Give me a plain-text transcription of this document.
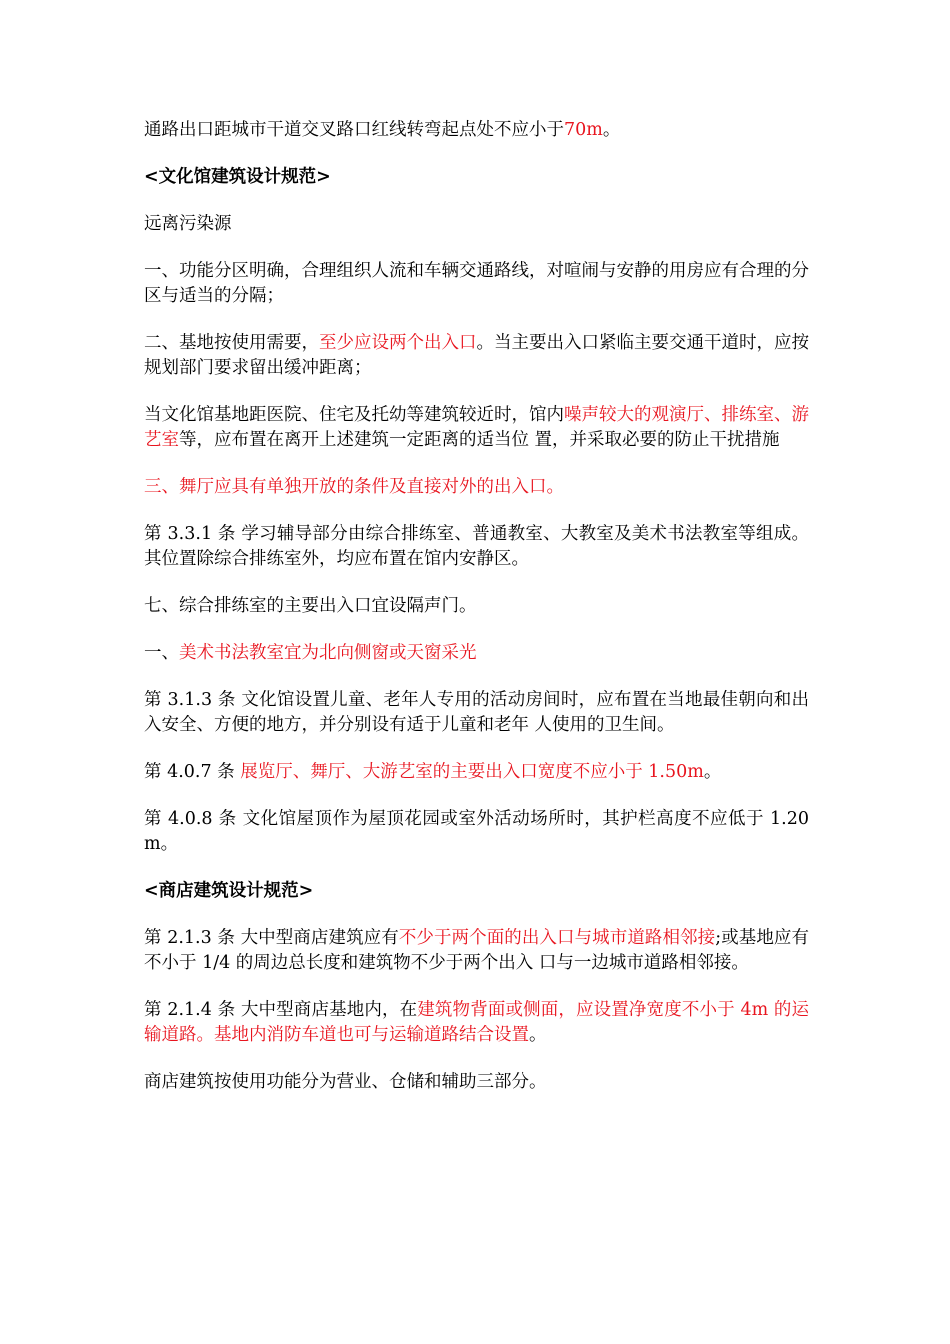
通路出口距城市干道交叉路口红线转弯起点处不应小于70m。

<文化馆建筑设计规范>

远离污染源

一、功能分区明确，合理组织人流和车辆交通路线，对喧闹与安静的用房应有合理的分区与适当的分隔；

二、基地按使用需要，至少应设两个出入口。当主要出入口紧临主要交通干道时，应按规划部门要求留出缓冲距离；

当文化馆基地距医院、住宅及托幼等建筑较近时，馆内噪声较大的观演厅、排练室、游艺室等，应布置在离开上述建筑一定距离的适当位 置，并采取必要的防止干扰措施

三、舞厅应具有单独开放的条件及直接对外的出入口。

第 3.3.1 条 学习辅导部分由综合排练室、普通教室、大教室及美术书法教室等组成。其位置除综合排练室外，均应布置在馆内安静区。

七、综合排练室的主要出入口宜设隔声门。

一、美术书法教室宜为北向侧窗或天窗采光

第 3.1.3 条 文化馆设置儿童、老年人专用的活动房间时，应布置在当地最佳朝向和出入安全、方便的地方，并分别设有适于儿童和老年 人使用的卫生间。

第 4.0.7 条 展览厅、舞厅、大游艺室的主要出入口宽度不应小于 1.50m。

第 4.0.8 条 文化馆屋顶作为屋顶花园或室外活动场所时，其护栏高度不应低于 1.20m。

<商店建筑设计规范>

第 2.1.3 条 大中型商店建筑应有不少于两个面的出入口与城市道路相邻接;或基地应有不小于 1/4 的周边总长度和建筑物不少于两个出入 口与一边城市道路相邻接。

第 2.1.4 条 大中型商店基地内，在建筑物背面或侧面，应设置净宽度不小于 4m 的运输道路。基地内消防车道也可与运输道路结合设置。

商店建筑按使用功能分为营业、仓储和辅助三部分。
